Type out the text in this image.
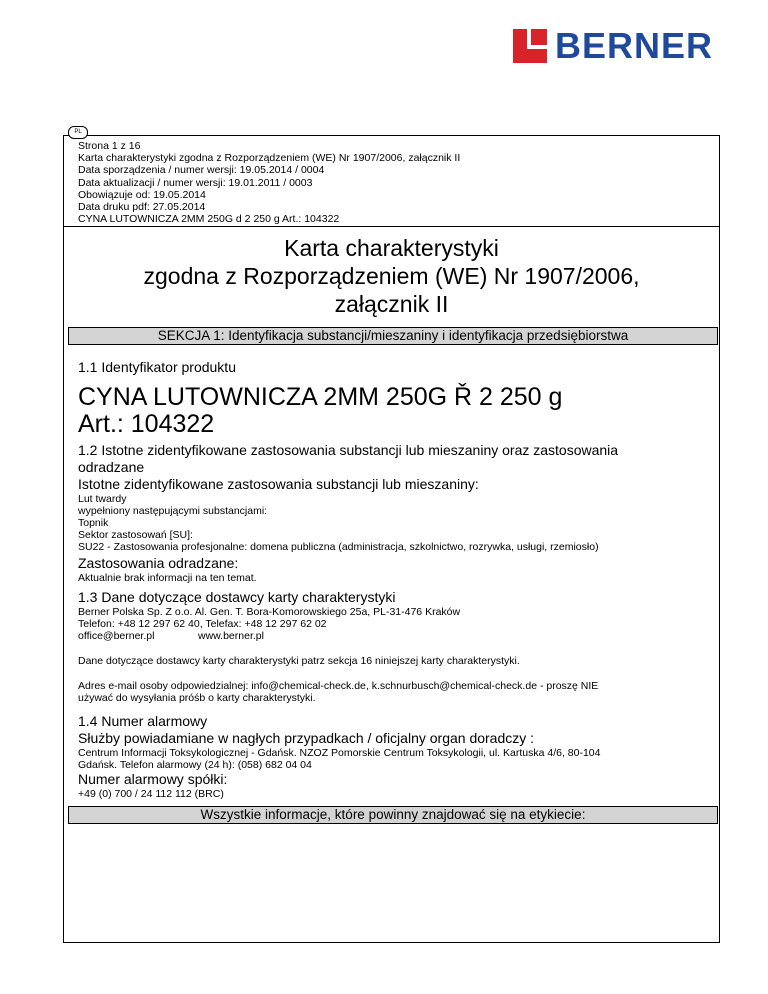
BERNER
PL
Strona 1 z 16
Karta charakterystyki zgodna z Rozporządzeniem (WE) Nr 1907/2006, załącznik II
Data sporządzenia / numer wersji: 19.05.2014 / 0004
Data aktualizacji / numer wersji: 19.01.2011 / 0003
Obowiązuje od: 19.05.2014
Data druku pdf: 27.05.2014
CYNA LUTOWNICZA 2MM 250G d 2 250 g Art.: 104322
Karta charakterystyki
zgodna z Rozporządzeniem (WE) Nr 1907/2006,
załącznik II
SEKCJA 1: Identyfikacja substancji/mieszaniny i identyfikacja przedsiębiorstwa
1.1 Identyfikator produktu
CYNA LUTOWNICZA 2MM 250G Ř 2 250 g
Art.: 104322
1.2 Istotne zidentyfikowane zastosowania substancji lub mieszaniny oraz zastosowania
odradzane
Istotne zidentyfikowane zastosowania substancji lub mieszaniny:
Lut twardy
wypełniony następującymi substancjami:
Topnik
Sektor zastosowań [SU]:
SU22 - Zastosowania profesjonalne: domena publiczna (administracja, szkolnictwo, rozrywka, usługi, rzemiosło)
Zastosowania odradzane:
Aktualnie brak informacji na ten temat.
1.3 Dane dotyczące dostawcy karty charakterystyki
Berner Polska Sp. Z o.o. Al. Gen. T. Bora-Komorowskiego 25a, PL-31-476 Kraków
Telefon: +48 12 297 62 40, Telefax: +48 12 297 62 02
office@berner.pl	www.berner.pl
Dane dotyczące dostawcy karty charakterystyki patrz sekcja 16 niniejszej karty charakterystyki.
Adres e-mail osoby odpowiedzialnej: info@chemical-check.de, k.schnurbusch@chemical-check.de - proszę NIE
używać do wysyłania próśb o karty charakterystyki.
1.4 Numer alarmowy
Służby powiadamiane w nagłych przypadkach / oficjalny organ doradczy :
Centrum Informacji Toksykologicznej - Gdańsk. NZOZ Pomorskie Centrum Toksykologii, ul. Kartuska 4/6, 80-104
Gdańsk. Telefon alarmowy (24 h): (058) 682 04 04
Numer alarmowy spółki:
+49 (0) 700 / 24 112 112 (BRC)
Wszystkie informacje, które powinny znajdować się na etykiecie:
